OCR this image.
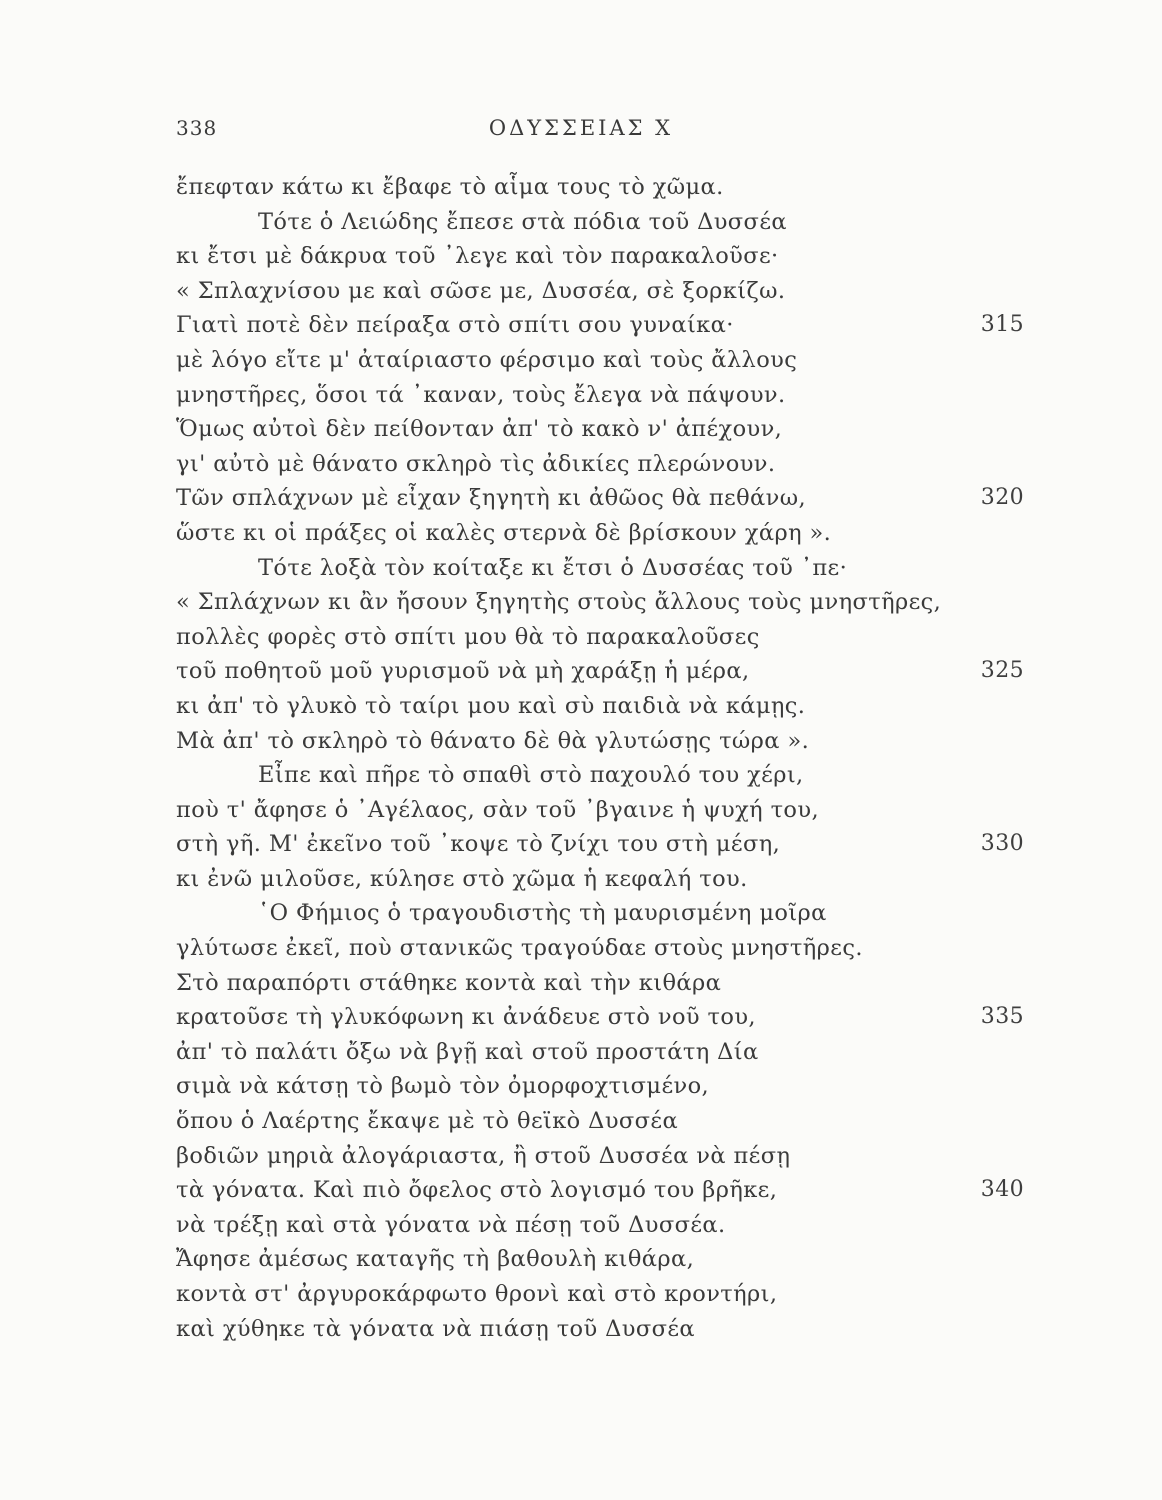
338	ΟΔΥΣΣΕΙΑΣ Χ
ἔπεφταν κάτω κι ἔβαφε τὸ αἷμα τους τὸ χῶμα.
Τότε ὁ Λειώδης ἔπεσε στὰ πόδια τοῦ Δυσσέα
κι ἔτσι μὲ δάκρυα τοῦ ᾿λεγε καὶ τὸν παρακαλοῦσε·
« Σπλαχνίσου με καὶ σῶσε με, Δυσσέα, σὲ ξορκίζω.
Γιατὶ ποτὲ δὲν πείραξα στὸ σπίτι σου γυναίκα·	315
μὲ λόγο εἴτε μ' ἀταίριαστο φέρσιμο καὶ τοὺς ἄλλους
μνηστῆρες, ὅσοι τά ᾿καναν, τοὺς ἔλεγα νὰ πάψουν.
Ὅμως αὐτοὶ δὲν πείθονταν ἀπ' τὸ κακὸ ν' ἀπέχουν,
γι' αὐτὸ μὲ θάνατο σκληρὸ τὶς ἀδικίες πλερώνουν.
Τῶν σπλάχνων μὲ εἶχαν ξηγητὴ κι ἀθῶος θὰ πεθάνω,	320
ὥστε κι οἱ πράξες οἱ καλὲς στερνὰ δὲ βρίσκουν χάρη ».
Τότε λοξὰ τὸν κοίταξε κι ἔτσι ὁ Δυσσέας τοῦ ᾿πε·
« Σπλάχνων κι ἂν ἤσουν ξηγητὴς στοὺς ἄλλους τοὺς μνηστῆρες,
πολλὲς φορὲς στὸ σπίτι μου θὰ τὸ παρακαλοῦσες
τοῦ ποθητοῦ μοῦ γυρισμοῦ νὰ μὴ χαράξῃ ἡ μέρα,	325
κι ἀπ' τὸ γλυκὸ τὸ ταίρι μου καὶ σὺ παιδιὰ νὰ κάμῃς.
Μὰ ἀπ' τὸ σκληρὸ τὸ θάνατο δὲ θὰ γλυτώσῃς τώρα ».
Εἶπε καὶ πῆρε τὸ σπαθὶ στὸ παχουλό του χέρι,
ποὺ τ' ἄφησε ὁ ᾿Αγέλαος, σὰν τοῦ ᾿βγαινε ἡ ψυχή του,
στὴ γῆ. Μ' ἐκεῖνο τοῦ ᾿κοψε τὸ ζνίχι του στὴ μέση,	330
κι ἐνῶ μιλοῦσε, κύλησε στὸ χῶμα ἡ κεφαλή του.
῾Ο Φήμιος ὁ τραγουδιστὴς τὴ μαυρισμένη μοῖρα
γλύτωσε ἐκεῖ, ποὺ στανικῶς τραγούδαε στοὺς μνηστῆρες.
Στὸ παραπόρτι στάθηκε κοντὰ καὶ τὴν κιθάρα
κρατοῦσε τὴ γλυκόφωνη κι ἀνάδευε στὸ νοῦ του,	335
ἀπ' τὸ παλάτι ὄξω νὰ βγῇ καὶ στοῦ προστάτη Δία
σιμὰ νὰ κάτσῃ τὸ βωμὸ τὸν ὀμορφοχτισμένο,
ὅπου ὁ Λαέρτης ἔκαψε μὲ τὸ θεϊκὸ Δυσσέα
βοδιῶν μηριὰ ἀλογάριαστα, ἢ στοῦ Δυσσέα νὰ πέσῃ
τὰ γόνατα. Καὶ πιὸ ὄφελος στὸ λογισμό του βρῆκε,	340
νὰ τρέξῃ καὶ στὰ γόνατα νὰ πέσῃ τοῦ Δυσσέα.
Ἄφησε ἀμέσως καταγῆς τὴ βαθουλὴ κιθάρα,
κοντὰ στ' ἀργυροκάρφωτο θρονὶ καὶ στὸ κροντήρι,
καὶ χύθηκε τὰ γόνατα νὰ πιάσῃ τοῦ Δυσσέα
